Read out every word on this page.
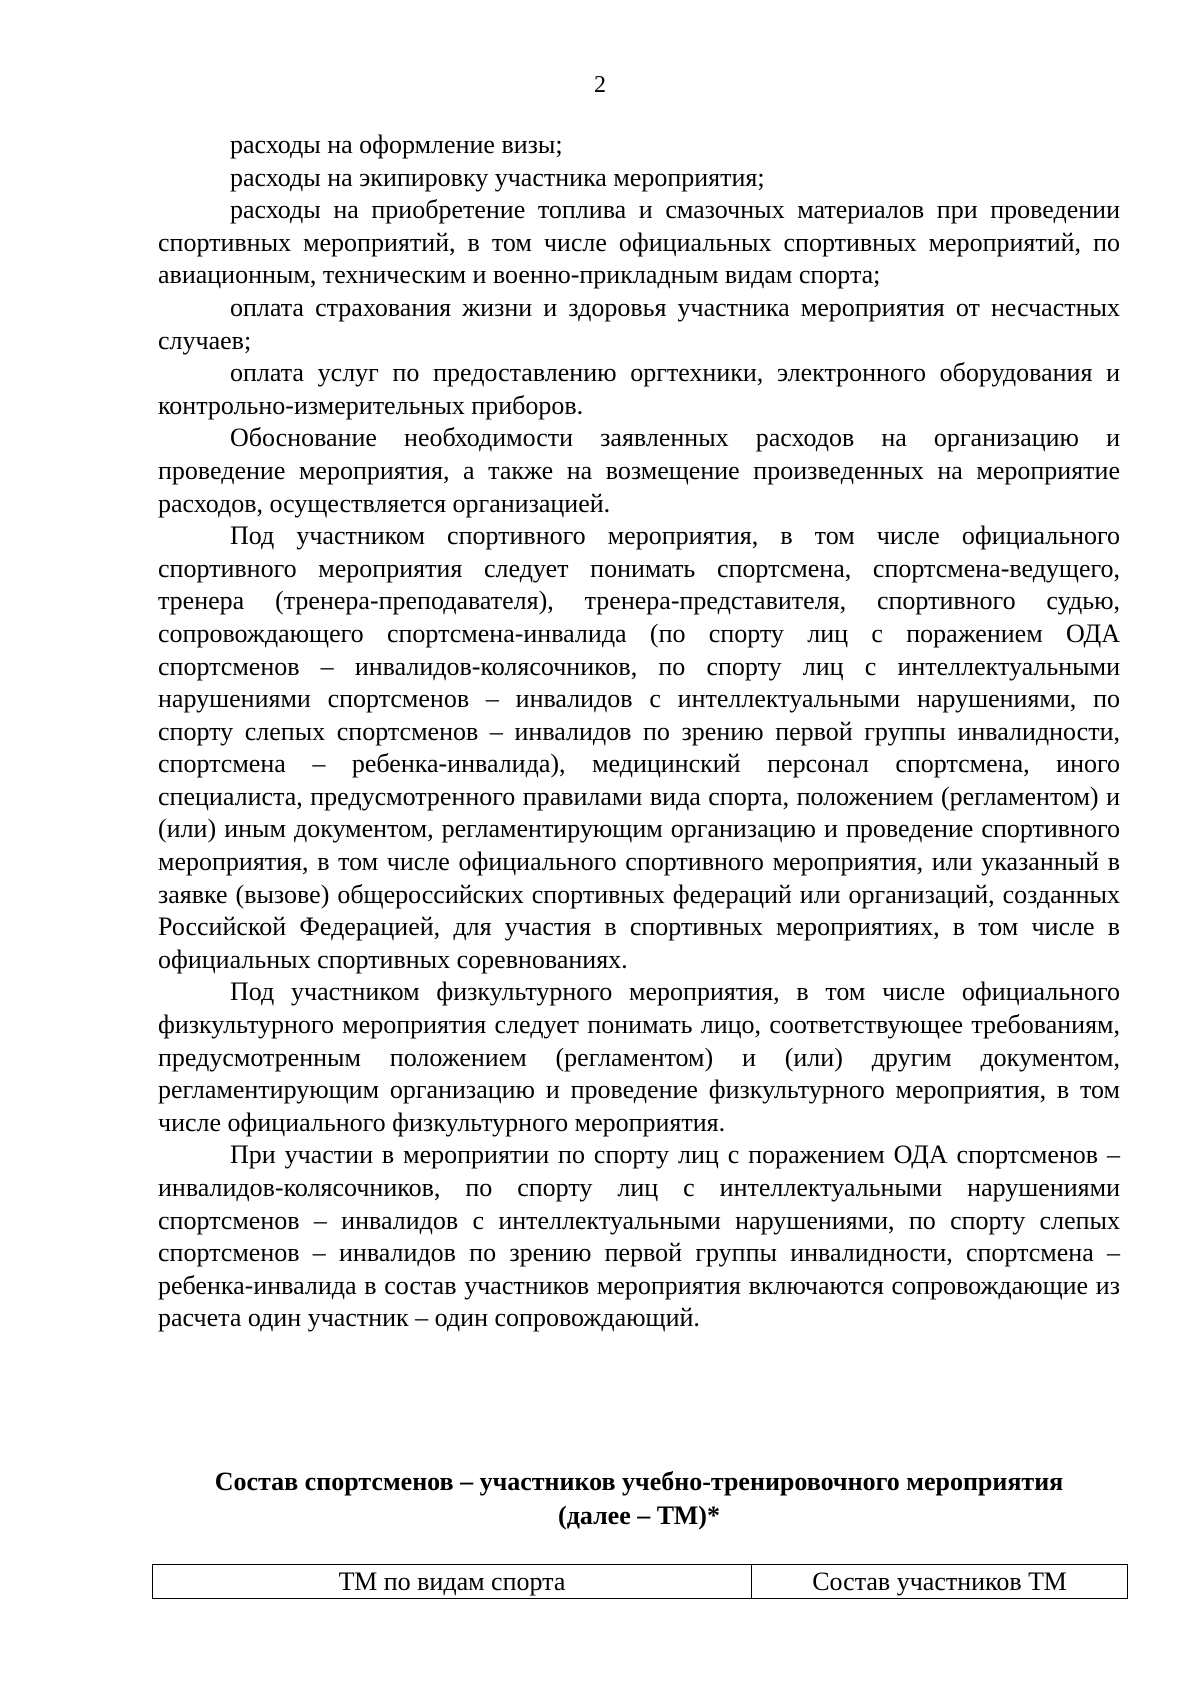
2

расходы на оформление визы;

расходы на экипировку участника мероприятия;

расходы на приобретение топлива и смазочных материалов при проведении спортивных мероприятий, в том числе официальных спортивных мероприятий, по авиационным, техническим и военно-прикладным видам спорта;

оплата страхования жизни и здоровья участника мероприятия от несчастных случаев;

оплата услуг по предоставлению оргтехники, электронного оборудования и контрольно-измерительных приборов.

Обоснование необходимости заявленных расходов на организацию и проведение мероприятия, а также на возмещение произведенных на мероприятие расходов, осуществляется организацией.

Под участником спортивного мероприятия, в том числе официального спортивного мероприятия следует понимать спортсмена, спортсмена-ведущего, тренера (тренера-преподавателя), тренера-представителя, спортивного судью, сопровождающего спортсмена-инвалида (по спорту лиц с поражением ОДА спортсменов – инвалидов-колясочников, по спорту лиц с интеллектуальными нарушениями спортсменов – инвалидов с интеллектуальными нарушениями, по спорту слепых спортсменов – инвалидов по зрению первой группы инвалидности, спортсмена – ребенка-инвалида), медицинский персонал спортсмена, иного специалиста, предусмотренного правилами вида спорта, положением (регламентом) и (или) иным документом, регламентирующим организацию и проведение спортивного мероприятия, в том числе официального спортивного мероприятия, или указанный в заявке (вызове) общероссийских спортивных федераций или организаций, созданных Российской Федерацией, для участия в спортивных мероприятиях, в том числе в официальных спортивных соревнованиях.

Под участником физкультурного мероприятия, в том числе официального физкультурного мероприятия следует понимать лицо, соответствующее требованиям, предусмотренным положением (регламентом) и (или) другим документом, регламентирующим организацию и проведение физкультурного мероприятия, в том числе официального физкультурного мероприятия.

При участии в мероприятии по спорту лиц с поражением ОДА спортсменов – инвалидов-колясочников, по спорту лиц с интеллектуальными нарушениями спортсменов – инвалидов с интеллектуальными нарушениями, по спорту слепых спортсменов – инвалидов по зрению первой группы инвалидности, спортсмена – ребенка-инвалида в состав участников мероприятия включаются сопровождающие из расчета один участник – один сопровождающий.

Состав спортсменов – участников учебно-тренировочного мероприятия
(далее – ТМ)*
ТМ по видам спорта	Состав участников ТМ
